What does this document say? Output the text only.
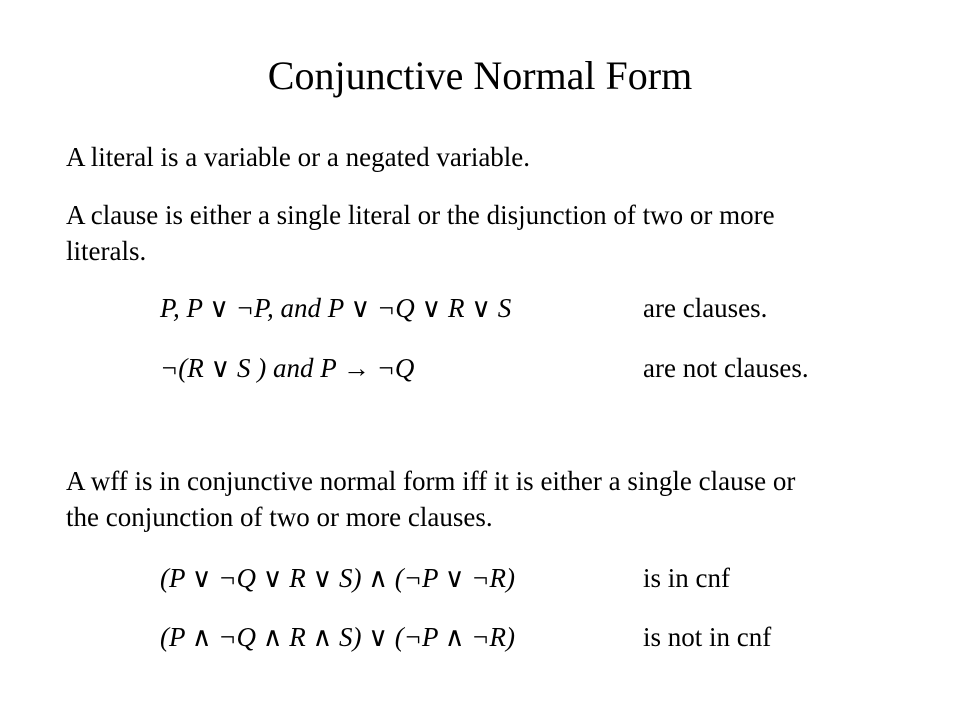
Conjunctive Normal Form

A literal is a variable or a negated variable.

A clause is either a single literal or the disjunction of two or more literals.

P, P ∨ ¬P, and P ∨ ¬Q ∨ R ∨ S	are clauses.
¬(R ∨ S ) and P → ¬Q	are not clauses.

A wff is in conjunctive normal form iff it is either a single clause or the conjunction of two or more clauses.

(P ∨ ¬Q ∨ R ∨ S) ∧ (¬P ∨ ¬R)	is in cnf
(P ∧ ¬Q ∧ R ∧ S) ∨ (¬P ∧ ¬R)	is not in cnf
